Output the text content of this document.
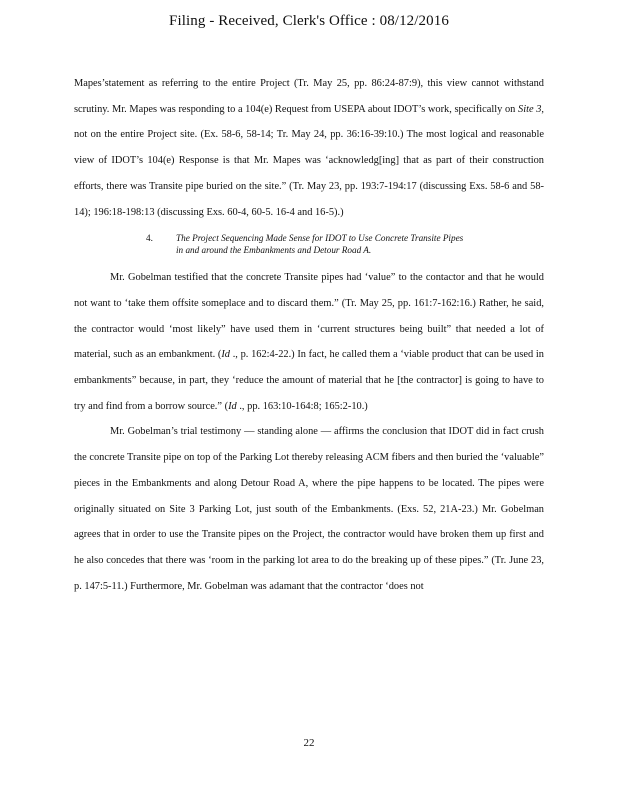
Filing - Received, Clerk's Office : 08/12/2016

Mapes’statement as referring to the entire Project (Tr. May 25, pp. 86:24-87:9), this view cannot withstand scrutiny. Mr. Mapes was responding to a 104(e) Request from USEPA about IDOT’s work, specifically on Site 3, not on the entire Project site. (Ex. 58-6, 58-14; Tr. May 24, pp. 36:16-39:10.) The most logical and reasonable view of IDOT’s 104(e) Response is that Mr. Mapes was ‘acknowledg[ing] that as part of their construction efforts, there was Transite pipe buried on the site.” (Tr. May 23, pp. 193:7-194:17 (discussing Exs. 58-6 and 58-14); 196:18-198:13 (discussing Exs. 60-4, 60-5. 16-4 and 16-5).)

4.	The Project Sequencing Made Sense for IDOT to Use Concrete Transite Pipes
in and around the Embankments and Detour Road A.

Mr. Gobelman testified that the concrete Transite pipes had ‘value” to the contactor and that he would not want to ‘take them offsite someplace and to discard them.” (Tr. May 25, pp. 161:7-162:16.) Rather, he said, the contractor would ‘most likely” have used them in ‘current structures being built” that needed a lot of material, such as an embankment. (Id ., p. 162:4-22.) In fact, he called them a ‘viable product that can be used in embankments” because, in part, they ‘reduce the amount of material that he [the contractor] is going to have to try and find from a borrow source.” (Id ., pp. 163:10-164:8; 165:2-10.)

Mr. Gobelman’s trial testimony — standing alone — affirms the conclusion that IDOT did in fact crush the concrete Transite pipe on top of the Parking Lot thereby releasing ACM fibers and then buried the ‘valuable” pieces in the Embankments and along Detour Road A, where the pipe happens to be located. The pipes were originally situated on Site 3 Parking Lot, just south of the Embankments. (Exs. 52, 21A-23.) Mr. Gobelman agrees that in order to use the Transite pipes on the Project, the contractor would have broken them up first and he also concedes that there was ‘room in the parking lot area to do the breaking up of these pipes.” (Tr. June 23, p. 147:5-11.) Furthermore, Mr. Gobelman was adamant that the contractor ‘does not

22
